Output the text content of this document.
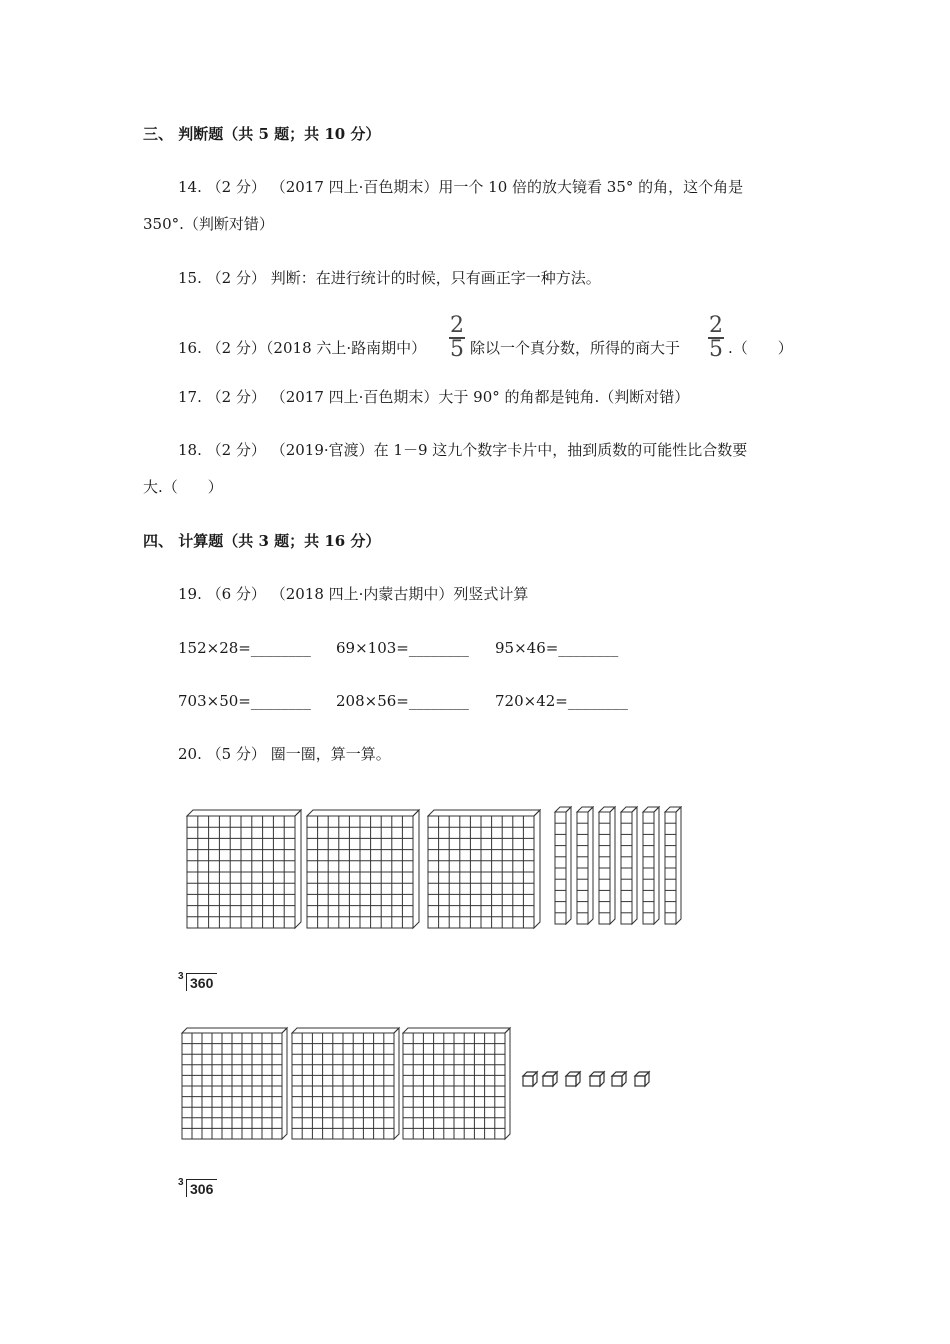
三、 判断题（共 5 题；共 10 分）
14. （2 分） （2017 四上·百色期末）用一个 10 倍的放大镜看 35° 的角，这个角是
350°.（判断对错）
15. （2 分） 判断：在进行统计的时候，只有画正字一种方法。
16. （2 分）（2018 六上·路南期中）
2
5 除以一个真分数，所得的商大于
2
5 .（　　）
17. （2 分） （2017 四上·百色期末）大于 90° 的角都是钝角.（判断对错）
18. （2 分） （2019·官渡）在 1－9 这九个数字卡片中，抽到质数的可能性比合数要
大.（　　）
四、 计算题（共 3 题；共 16 分）
19. （6 分） （2018 四上·内蒙古期中）列竖式计算
152×28=________ 69×103=________ 95×46=________
703×50=________ 208×56=________ 720×42=________
20. （5 分） 圈一圈，算一算。
3 360
3 306
